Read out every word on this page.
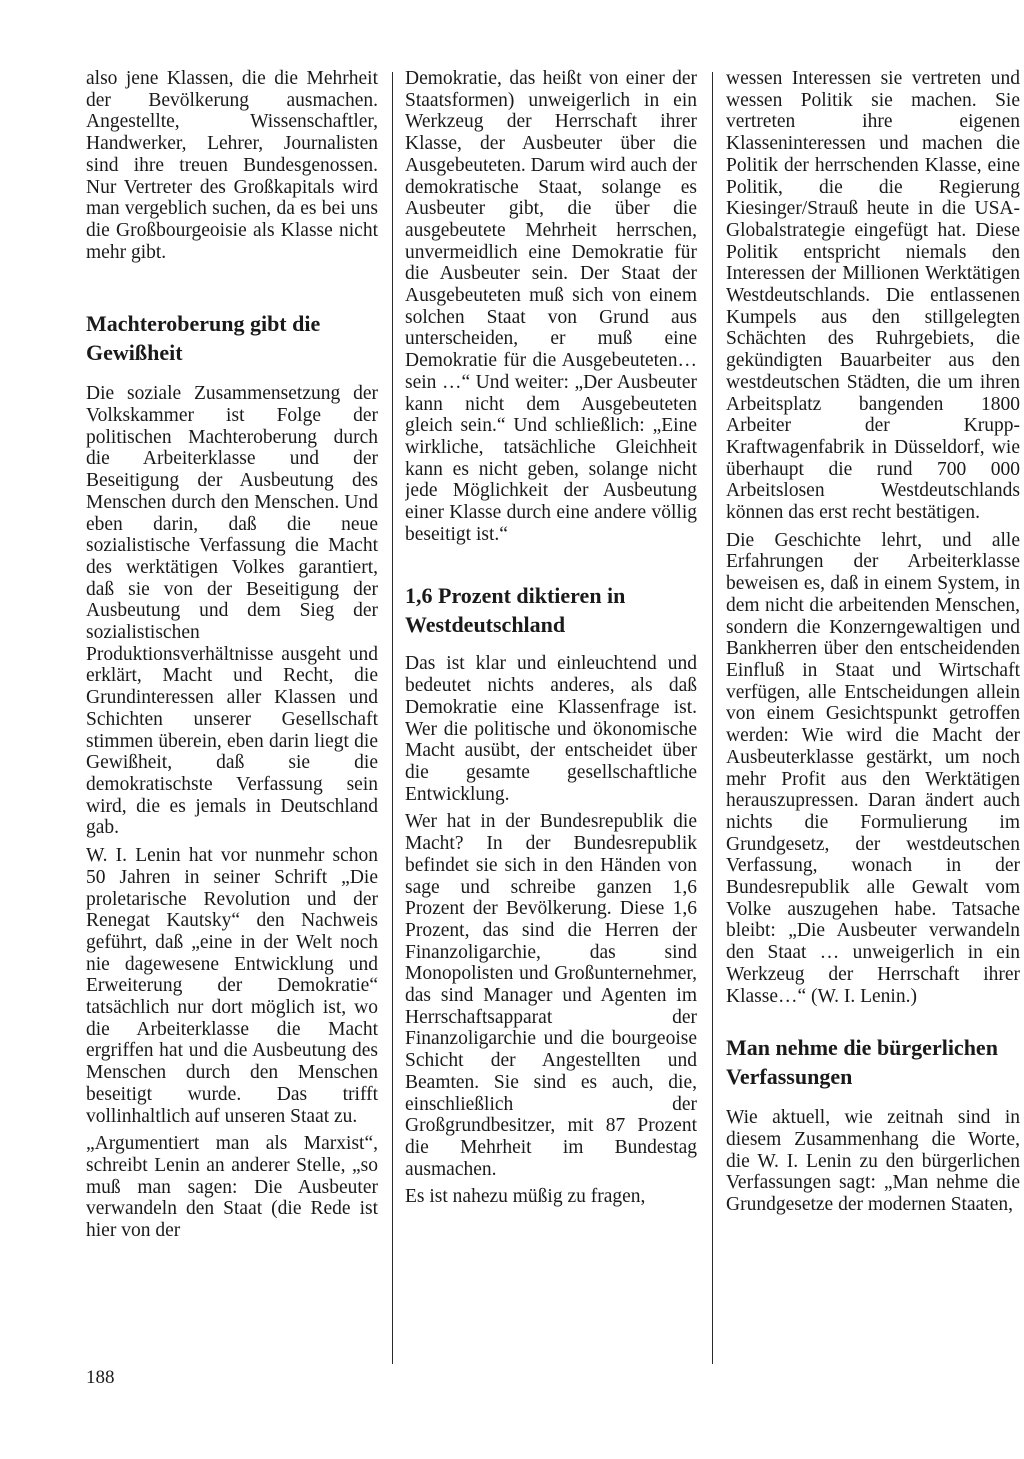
also jene Klassen, die die Mehrheit der Bevölkerung ausmachen. Angestellte, Wissenschaftler, Handwerker, Lehrer, Journalisten sind ihre treuen Bundesgenossen. Nur Vertreter des Großkapitals wird man vergeblich suchen, da es bei uns die Großbourgeoisie als Klasse nicht mehr gibt.

Machteroberung gibt die Gewißheit

Die soziale Zusammensetzung der Volkskammer ist Folge der politischen Machteroberung durch die Arbeiterklasse und der Beseitigung der Ausbeutung des Menschen durch den Menschen. Und eben darin, daß die neue sozialistische Verfassung die Macht des werktätigen Volkes garantiert, daß sie von der Beseitigung der Ausbeutung und dem Sieg der sozialistischen Produktionsverhältnisse ausgeht und erklärt, Macht und Recht, die Grundinteressen aller Klassen und Schichten unserer Gesellschaft stimmen überein, eben darin liegt die Gewißheit, daß sie die demokratischste Verfassung sein wird, die es jemals in Deutschland gab.

W. I. Lenin hat vor nunmehr schon 50 Jahren in seiner Schrift „Die proletarische Revolution und der Renegat Kautsky“ den Nachweis geführt, daß „eine in der Welt noch nie dagewesene Entwicklung und Erweiterung der Demokratie“ tatsächlich nur dort möglich ist, wo die Arbeiterklasse die Macht ergriffen hat und die Ausbeutung des Menschen durch den Menschen beseitigt wurde. Das trifft vollinhaltlich auf unseren Staat zu.

„Argumentiert man als Marxist“, schreibt Lenin an anderer Stelle, „so muß man sagen: Die Ausbeuter verwandeln den Staat (die Rede ist hier von der

Demokratie, das heißt von einer der Staatsformen) unweigerlich in ein Werkzeug der Herrschaft ihrer Klasse, der Ausbeuter über die Ausgebeuteten. Darum wird auch der demokratische Staat, solange es Ausbeuter gibt, die über die ausgebeutete Mehrheit herrschen, unvermeidlich eine Demokratie für die Ausbeuter sein. Der Staat der Ausgebeuteten muß sich von einem solchen Staat von Grund aus unterscheiden, er muß eine Demokratie für die Ausgebeuteten… sein …“ Und weiter: „Der Ausbeuter kann nicht dem Ausgebeuteten gleich sein.“ Und schließlich: „Eine wirkliche, tatsächliche Gleichheit kann es nicht geben, solange nicht jede Möglichkeit der Ausbeutung einer Klasse durch eine andere völlig beseitigt ist.“

1,6 Prozent diktieren in Westdeutschland

Das ist klar und einleuchtend und bedeutet nichts anderes, als daß Demokratie eine Klassenfrage ist. Wer die politische und ökonomische Macht ausübt, der entscheidet über die gesamte gesellschaftliche Entwicklung.

Wer hat in der Bundesrepublik die Macht? In der Bundesrepublik befindet sie sich in den Händen von sage und schreibe ganzen 1,6 Prozent der Bevölkerung. Diese 1,6 Prozent, das sind die Herren der Finanzoligarchie, das sind Monopolisten und Großunternehmer, das sind Manager und Agenten im Herrschaftsapparat der Finanzoligarchie und die bourgeoise Schicht der Angestellten und Beamten. Sie sind es auch, die, einschließlich der Großgrundbesitzer, mit 87 Prozent die Mehrheit im Bundestag ausmachen.

Es ist nahezu müßig zu fragen,

wessen Interessen sie vertreten und wessen Politik sie machen. Sie vertreten ihre eigenen Klasseninteressen und machen die Politik der herrschenden Klasse, eine Politik, die die Regierung Kiesinger/Strauß heute in die USA-Globalstrategie eingefügt hat. Diese Politik entspricht niemals den Interessen der Millionen Werktätigen Westdeutschlands. Die entlassenen Kumpels aus den stillgelegten Schächten des Ruhrgebiets, die gekündigten Bauarbeiter aus den westdeutschen Städten, die um ihren Arbeitsplatz bangenden 1800 Arbeiter der Krupp-Kraftwagenfabrik in Düsseldorf, wie überhaupt die rund 700 000 Arbeitslosen Westdeutschlands können das erst recht bestätigen.

Die Geschichte lehrt, und alle Erfahrungen der Arbeiterklasse beweisen es, daß in einem System, in dem nicht die arbeitenden Menschen, sondern die Konzerngewaltigen und Bankherren über den entscheidenden Einfluß in Staat und Wirtschaft verfügen, alle Entscheidungen allein von einem Gesichtspunkt getroffen werden: Wie wird die Macht der Ausbeuterklasse gestärkt, um noch mehr Profit aus den Werktätigen herauszupressen. Daran ändert auch nichts die Formulierung im Grundgesetz, der westdeutschen Verfassung, wonach in der Bundesrepublik alle Gewalt vom Volke auszugehen habe. Tatsache bleibt: „Die Ausbeuter verwandeln den Staat … unweigerlich in ein Werkzeug der Herrschaft ihrer Klasse…“ (W. I. Lenin.)

Man nehme die bürgerlichen Verfassungen

Wie aktuell, wie zeitnah sind in diesem Zusammenhang die Worte, die W. I. Lenin zu den bürgerlichen Verfassungen sagt: „Man nehme die Grundgesetze der modernen Staaten,

188
